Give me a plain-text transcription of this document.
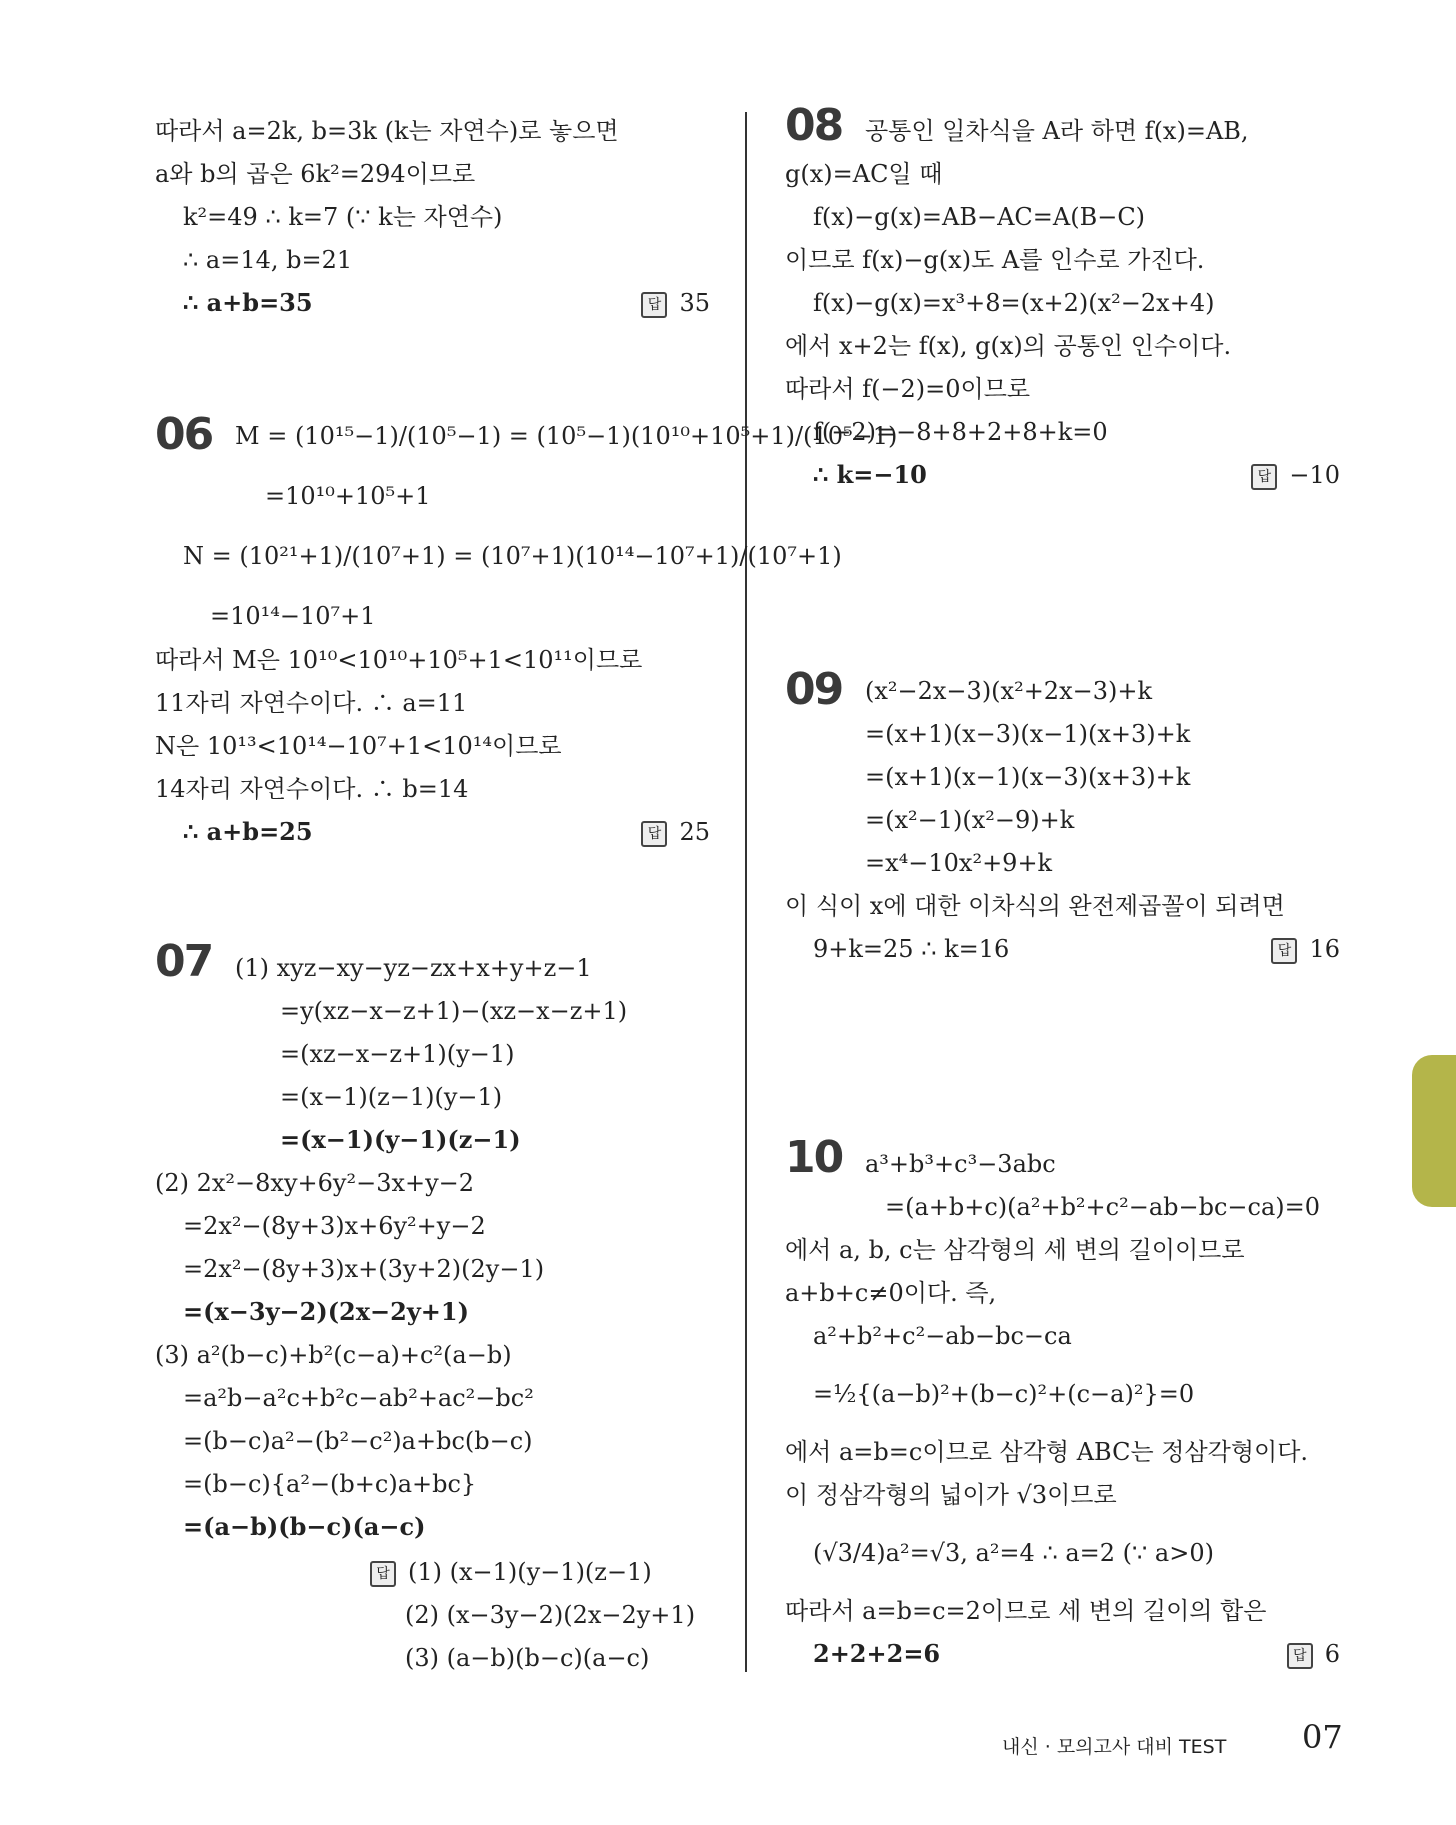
따라서 a=2k, b=3k (k는 자연수)로 놓으면
a와 b의 곱은 6k²=294이므로
k²=49 ∴ k=7 (∵ k는 자연수)
∴ a=14, b=21
∴ a+b=35	답 35
06 M = (10¹⁵−1)/(10⁵−1) = (10⁵−1)(10¹⁰+10⁵+1)/(10⁵−1)
=10¹⁰+10⁵+1
N = (10²¹+1)/(10⁷+1) = (10⁷+1)(10¹⁴−10⁷+1)/(10⁷+1)
=10¹⁴−10⁷+1
따라서 M은 10¹⁰<10¹⁰+10⁵+1<10¹¹이므로
11자리 자연수이다. ∴ a=11
N은 10¹³<10¹⁴−10⁷+1<10¹⁴이므로
14자리 자연수이다. ∴ b=14
∴ a+b=25	답 25
07 (1) xyz−xy−yz−zx+x+y+z−1
=y(xz−x−z+1)−(xz−x−z+1)
=(xz−x−z+1)(y−1)
=(x−1)(z−1)(y−1)
=(x−1)(y−1)(z−1)
(2) 2x²−8xy+6y²−3x+y−2
=2x²−(8y+3)x+6y²+y−2
=2x²−(8y+3)x+(3y+2)(2y−1)
=(x−3y−2)(2x−2y+1)
(3) a²(b−c)+b²(c−a)+c²(a−b)
=a²b−a²c+b²c−ab²+ac²−bc²
=(b−c)a²−(b²−c²)a+bc(b−c)
=(b−c){a²−(b+c)a+bc}
=(a−b)(b−c)(a−c)
답 (1) (x−1)(y−1)(z−1)
(2) (x−3y−2)(2x−2y+1)
(3) (a−b)(b−c)(a−c)
08 공통인 일차식을 A라 하면 f(x)=AB,
g(x)=AC일 때
f(x)−g(x)=AB−AC=A(B−C)
이므로 f(x)−g(x)도 A를 인수로 가진다.
f(x)−g(x)=x³+8=(x+2)(x²−2x+4)
에서 x+2는 f(x), g(x)의 공통인 인수이다.
따라서 f(−2)=0이므로
f(−2)=−8+8+2+8+k=0
∴ k=−10	답 −10
09 (x²−2x−3)(x²+2x−3)+k
=(x+1)(x−3)(x−1)(x+3)+k
=(x+1)(x−1)(x−3)(x+3)+k
=(x²−1)(x²−9)+k
=x⁴−10x²+9+k
이 식이 x에 대한 이차식의 완전제곱꼴이 되려면
9+k=25 ∴ k=16	답 16
10 a³+b³+c³−3abc
=(a+b+c)(a²+b²+c²−ab−bc−ca)=0
에서 a, b, c는 삼각형의 세 변의 길이이므로
a+b+c≠0이다. 즉,
a²+b²+c²−ab−bc−ca
=½{(a−b)²+(b−c)²+(c−a)²}=0
에서 a=b=c이므로 삼각형 ABC는 정삼각형이다.
이 정삼각형의 넓이가 √3이므로
(√3/4)a²=√3, a²=4 ∴ a=2 (∵ a>0)
따라서 a=b=c=2이므로 세 변의 길이의 합은
2+2+2=6	답 6
내신 · 모의고사 대비 TEST 07
